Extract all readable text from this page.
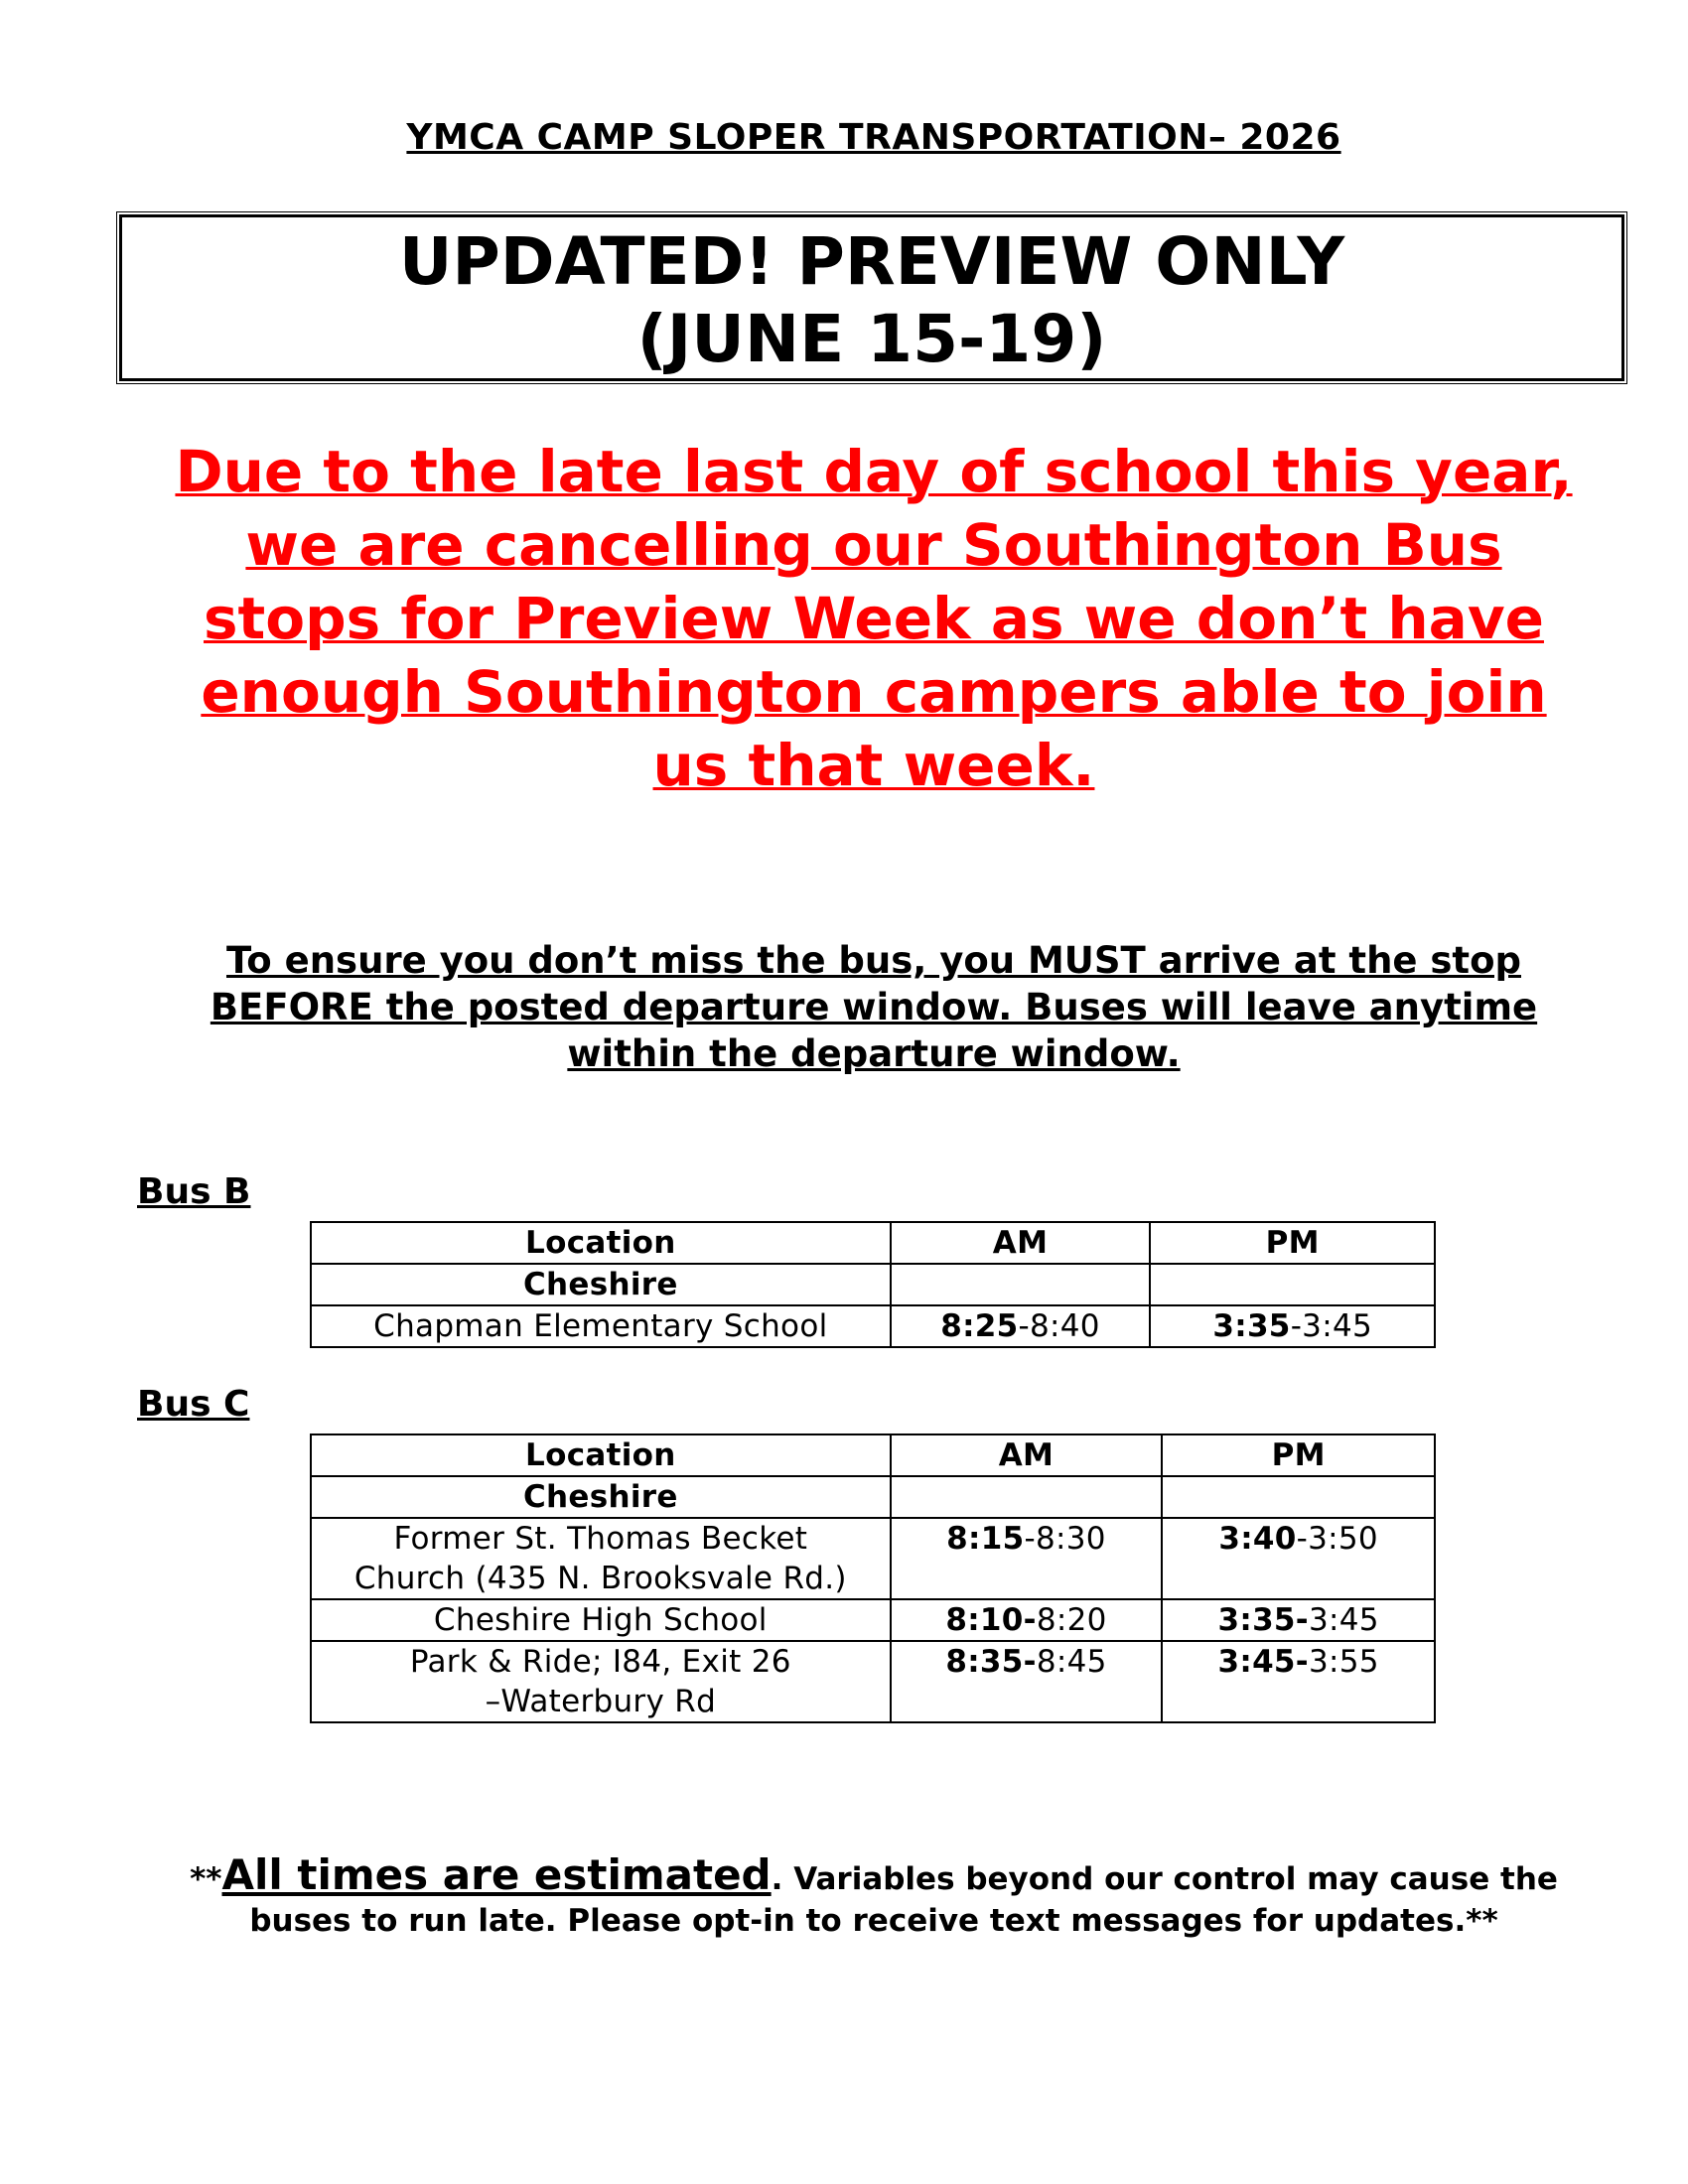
YMCA CAMP SLOPER TRANSPORTATION– 2026
UPDATED! PREVIEW ONLY
(JUNE 15-19)
Due to the late last day of school this year,
we are cancelling our Southington Bus
stops for Preview Week as we don’t have
enough Southington campers able to join
us that week.
To ensure you don’t miss the bus, you MUST arrive at the stop
BEFORE the posted departure window. Buses will leave anytime
within the departure window.
Bus B
Location	AM	PM
Cheshire		
Chapman Elementary School	8:25-8:40	3:35-3:45
Bus C
Location	AM	PM
Cheshire		

Former St. Thomas Becket
Church (435 N. Brooksvale Rd.)	8:15-8:30	3:40-3:50

Cheshire High School	8:10-8:20	3:35-3:45

Park & Ride; I84, Exit 26
–Waterbury Rd	8:35-8:45	3:45-3:55
**All times are estimated. Variables beyond our control may cause the
buses to run late. Please opt-in to receive text messages for updates.**
